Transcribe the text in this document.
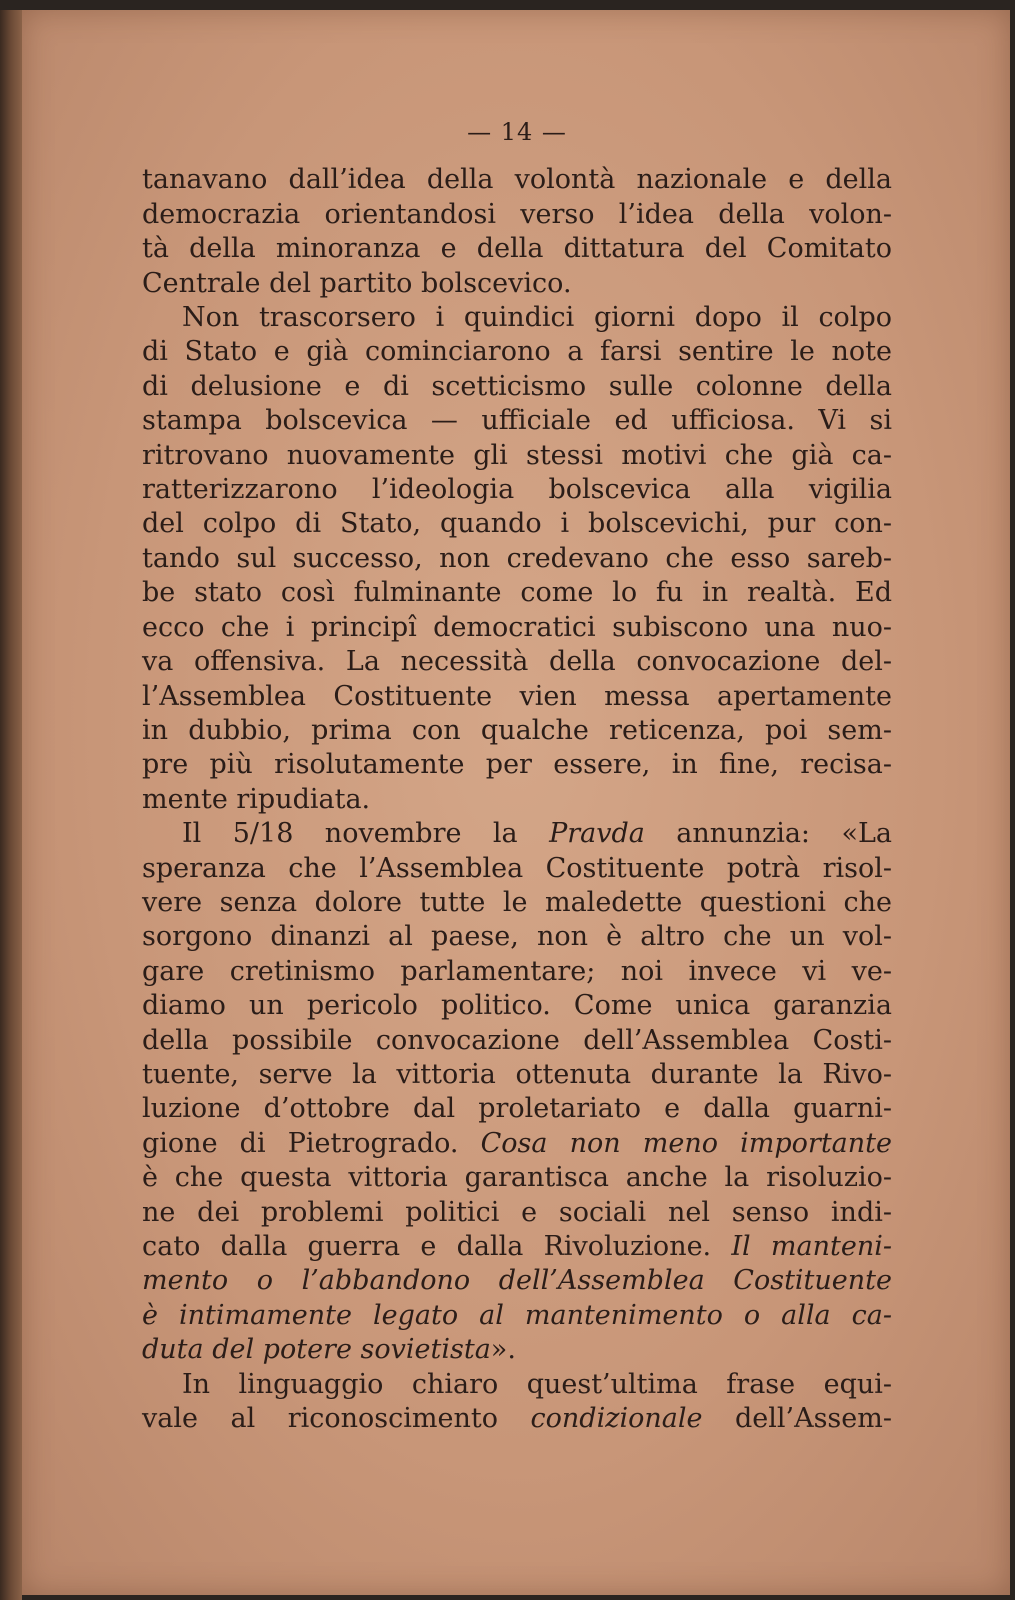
— 14 —
tanavano dall’idea della volontà nazionale e della
democrazia orientandosi verso l’idea della volon-
tà della minoranza e della dittatura del Comitato
Centrale del partito bolscevico.
Non trascorsero i quindici giorni dopo il colpo
di Stato e già cominciarono a farsi sentire le note
di delusione e di scetticismo sulle colonne della
stampa bolscevica — ufficiale ed ufficiosa. Vi si
ritrovano nuovamente gli stessi motivi che già ca-
ratterizzarono l’ideologia bolscevica alla vigilia
del colpo di Stato, quando i bolscevichi, pur con-
tando sul successo, non credevano che esso sareb-
be stato così fulminante come lo fu in realtà. Ed
ecco che i principî democratici subiscono una nuo-
va offensiva. La necessità della convocazione del-
l’Assemblea Costituente vien messa apertamente
in dubbio, prima con qualche reticenza, poi sem-
pre più risolutamente per essere, in fine, recisa-
mente ripudiata.
Il 5/18 novembre la Pravda annunzia: «La
speranza che l’Assemblea Costituente potrà risol-
vere senza dolore tutte le maledette questioni che
sorgono dinanzi al paese, non è altro che un vol-
gare cretinismo parlamentare; noi invece vi ve-
diamo un pericolo politico. Come unica garanzia
della possibile convocazione dell’Assemblea Costi-
tuente, serve la vittoria ottenuta durante la Rivo-
luzione d’ottobre dal proletariato e dalla guarni-
gione di Pietrogrado. Cosa non meno importante
è che questa vittoria garantisca anche la risoluzio-
ne dei problemi politici e sociali nel senso indi-
cato dalla guerra e dalla Rivoluzione. Il manteni-
mento o l’abbandono dell’Assemblea Costituente
è intimamente legato al mantenimento o alla ca-
duta del potere sovietista».
In linguaggio chiaro quest’ultima frase equi-
vale al riconoscimento condizionale dell’Assem-
